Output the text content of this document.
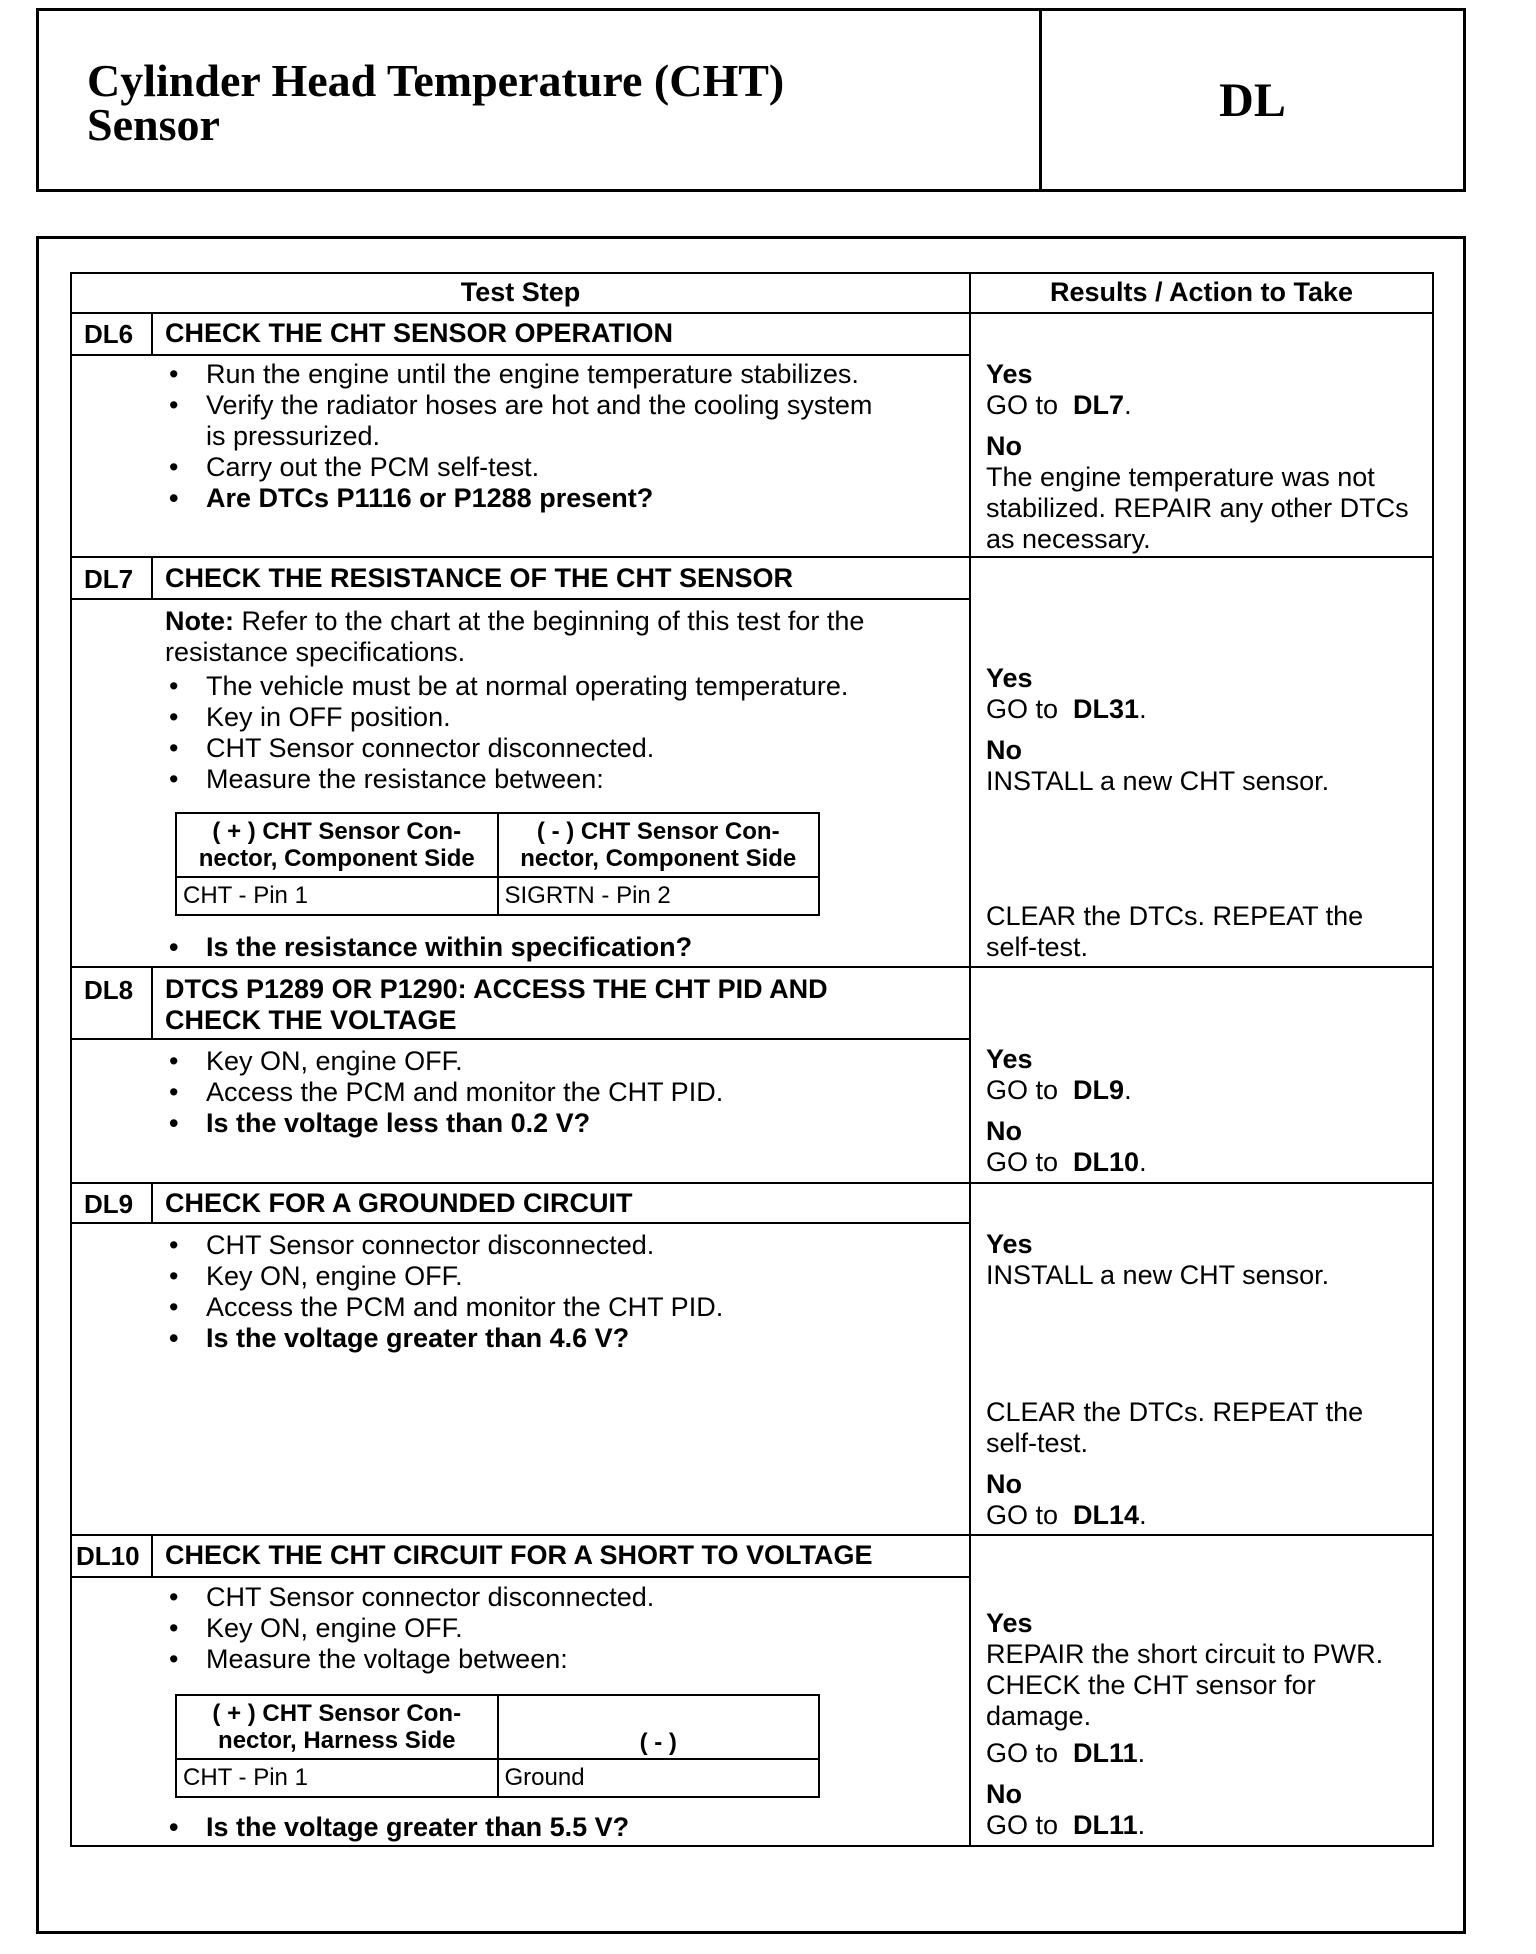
Cylinder Head Temperature (CHT)
Sensor	DL
Test Step	Results / Action to Take
DL6 CHECK THE CHT SENSOR OPERATION
• Run the engine until the engine temperature stabilizes.
• Verify the radiator hoses are hot and the cooling system
is pressurized.
• Carry out the PCM self-test.
• Are DTCs P1116 or P1288 present?
Yes
GO to DL7.
No
The engine temperature was not
stabilized. REPAIR any other DTCs
as necessary.
DL7 CHECK THE RESISTANCE OF THE CHT SENSOR
Note: Refer to the chart at the beginning of this test for the
resistance specifications.
• The vehicle must be at normal operating temperature.
• Key in OFF position.
• CHT Sensor connector disconnected.
• Measure the resistance between:
( + ) CHT Sensor Con-
nector, Component Side	( - ) CHT Sensor Con-
nector, Component Side
CHT - Pin 1	SIGRTN - Pin 2
• Is the resistance within specification?
Yes
GO to DL31.
No
INSTALL a new CHT sensor.
CLEAR the DTCs. REPEAT the
self-test.
DL8 DTCS P1289 OR P1290: ACCESS THE CHT PID AND
CHECK THE VOLTAGE
• Key ON, engine OFF.
• Access the PCM and monitor the CHT PID.
• Is the voltage less than 0.2 V?
Yes
GO to DL9.
No
GO to DL10.
DL9 CHECK FOR A GROUNDED CIRCUIT
• CHT Sensor connector disconnected.
• Key ON, engine OFF.
• Access the PCM and monitor the CHT PID.
• Is the voltage greater than 4.6 V?
Yes
INSTALL a new CHT sensor.
CLEAR the DTCs. REPEAT the
self-test.
No
GO to DL14.
DL10 CHECK THE CHT CIRCUIT FOR A SHORT TO VOLTAGE
• CHT Sensor connector disconnected.
• Key ON, engine OFF.
• Measure the voltage between:
( + ) CHT Sensor Con-
nector, Harness Side	( - )
CHT - Pin 1	Ground
• Is the voltage greater than 5.5 V?
Yes
REPAIR the short circuit to PWR.
CHECK the CHT sensor for
damage.
GO to DL11.
No
GO to DL11.
